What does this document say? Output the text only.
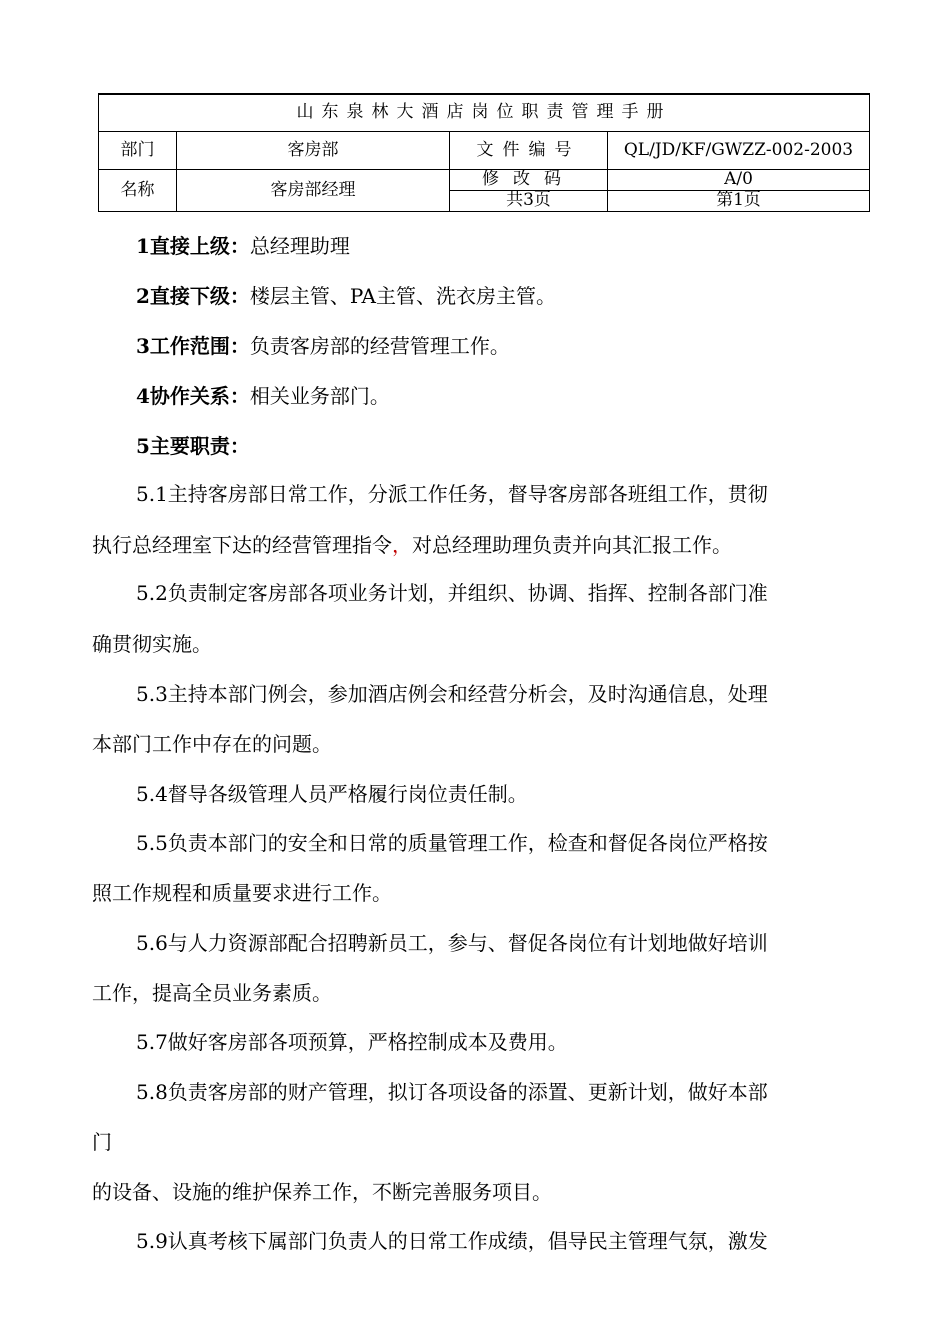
山东泉林大酒店岗位职责管理手册			
部门	客房部	文件编号	QL/JD/KF/GWZZ-002-2003
名称	客房部经理	修改码	A/0
		共3页	第1页
1直接上级：总经理助理
2直接下级：楼层主管、PA主管、洗衣房主管。
3工作范围：负责客房部的经营管理工作。
4协作关系：相关业务部门。
5主要职责：
5.1主持客房部日常工作，分派工作任务，督导客房部各班组工作，贯彻
执行总经理室下达的经营管理指令，对总经理助理负责并向其汇报工作。
5.2负责制定客房部各项业务计划，并组织、协调、指挥、控制各部门准
确贯彻实施。
5.3主持本部门例会，参加酒店例会和经营分析会，及时沟通信息，处理
本部门工作中存在的问题。
5.4督导各级管理人员严格履行岗位责任制。
5.5负责本部门的安全和日常的质量管理工作，检查和督促各岗位严格按
照工作规程和质量要求进行工作。
5.6与人力资源部配合招聘新员工，参与、督促各岗位有计划地做好培训
工作，提高全员业务素质。
5.7做好客房部各项预算，严格控制成本及费用。
5.8负责客房部的财产管理，拟订各项设备的添置、更新计划，做好本部
门
的设备、设施的维护保养工作，不断完善服务项目。
5.9认真考核下属部门负责人的日常工作成绩，倡导民主管理气氛，激发
